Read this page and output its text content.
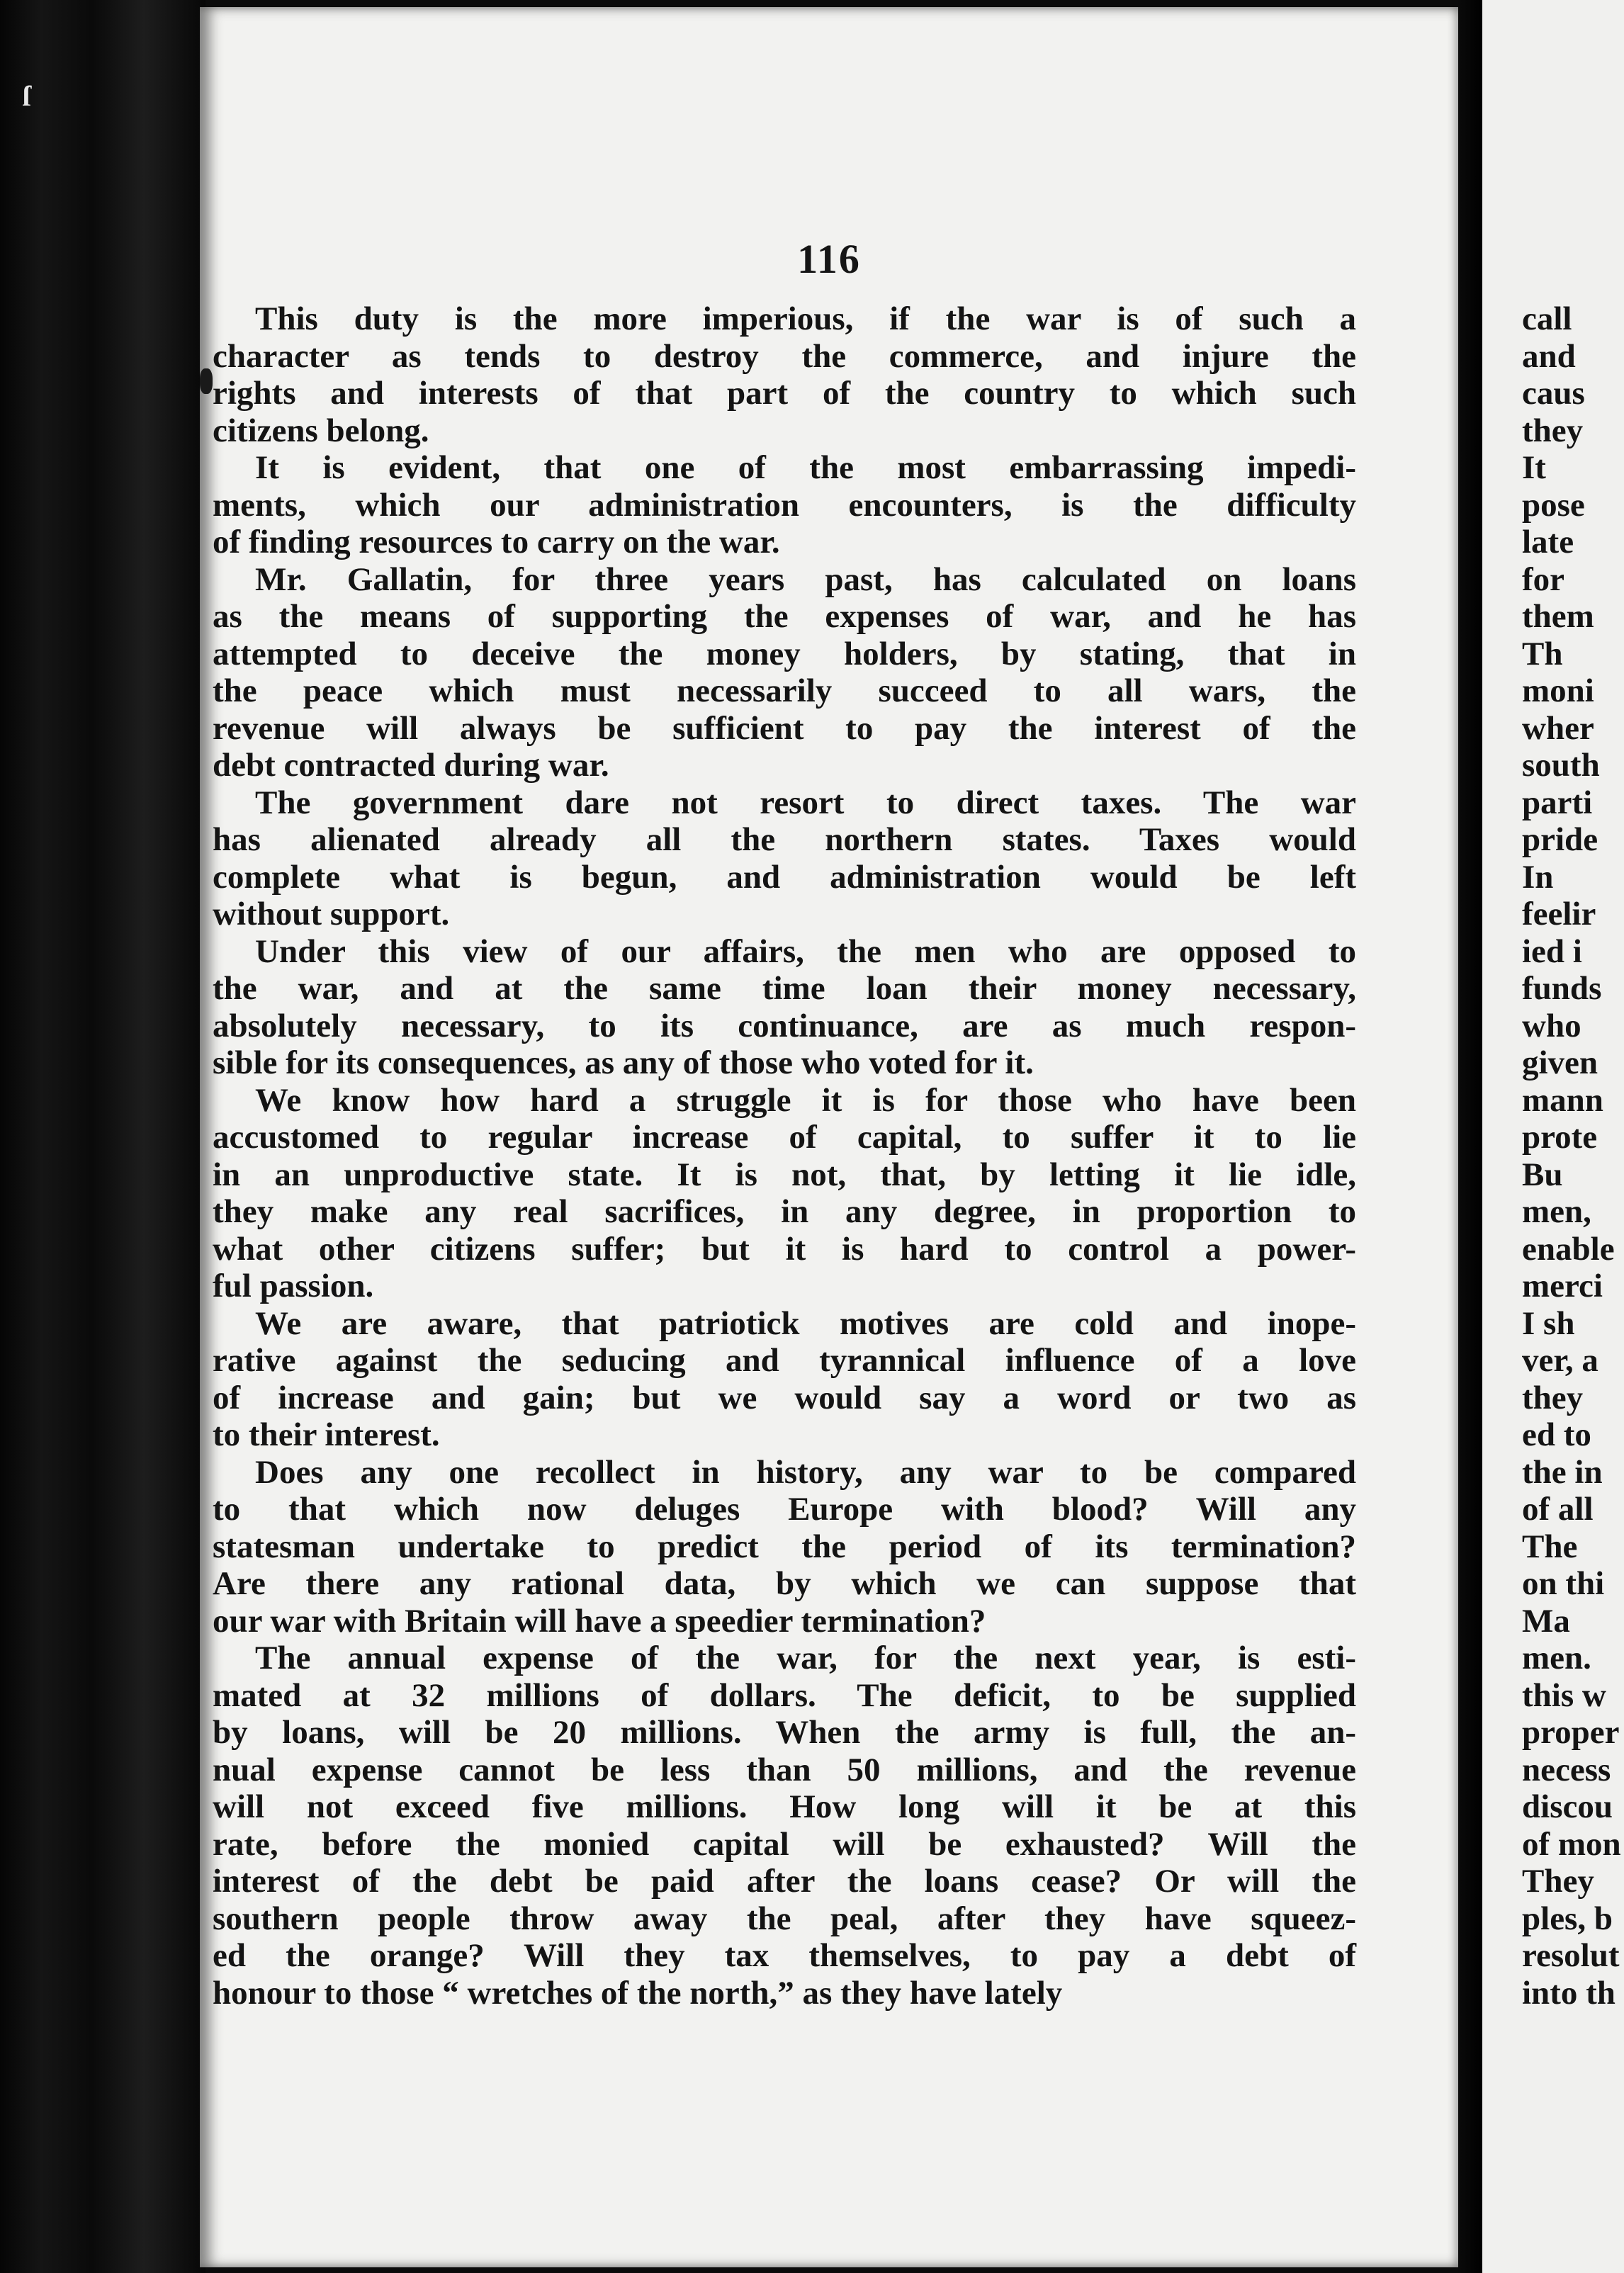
ſ
116
This duty is the more imperious, if the war is of such a
character as tends to destroy the commerce, and injure the
rights and interests of that part of the country to which such
citizens belong.
It is evident, that one of the most embarrassing impedi-
ments, which our administration encounters, is the difficulty
of finding resources to carry on the war.
Mr. Gallatin, for three years past, has calculated on loans
as the means of supporting the expenses of war, and he has
attempted to deceive the money holders, by stating, that in
the peace which must necessarily succeed to all wars, the
revenue will always be sufficient to pay the interest of the
debt contracted during war.
The government dare not resort to direct taxes. The war
has alienated already all the northern states. Taxes would
complete what is begun, and administration would be left
without support.
Under this view of our affairs, the men who are opposed to
the war, and at the same time loan their money necessary,
absolutely necessary, to its continuance, are as much respon-
sible for its consequences, as any of those who voted for it.
We know how hard a struggle it is for those who have been
accustomed to regular increase of capital, to suffer it to lie
in an unproductive state. It is not, that, by letting it lie idle,
they make any real sacrifices, in any degree, in proportion to
what other citizens suffer; but it is hard to control a power-
ful passion.
We are aware, that patriotick motives are cold and inope-
rative against the seducing and tyrannical influence of a love
of increase and gain; but we would say a word or two as
to their interest.
Does any one recollect in history, any war to be compared
to that which now deluges Europe with blood? Will any
statesman undertake to predict the period of its termination?
Are there any rational data, by which we can suppose that
our war with Britain will have a speedier termination?
The annual expense of the war, for the next year, is esti-
mated at 32 millions of dollars. The deficit, to be supplied
by loans, will be 20 millions. When the army is full, the an-
nual expense cannot be less than 50 millions, and the revenue
will not exceed five millions. How long will it be at this
rate, before the monied capital will be exhausted? Will the
interest of the debt be paid after the loans cease? Or will the
southern people throw away the peal, after they have squeez-
ed the orange? Will they tax themselves, to pay a debt of
honour to those “ wretches of the north,” as they have lately
call
and
caus
they
It
pose
late
for
them
Th
moni
wher
south
parti
pride
In
feelir
ied i
funds
who
given
mann
prote
Bu
men,
enable
merci
I sh
ver, a
they
ed to
the in
of all
The
on thi
Ma
men.
this w
proper
necess
discou
of mon
They
ples, b
resolut
into th
